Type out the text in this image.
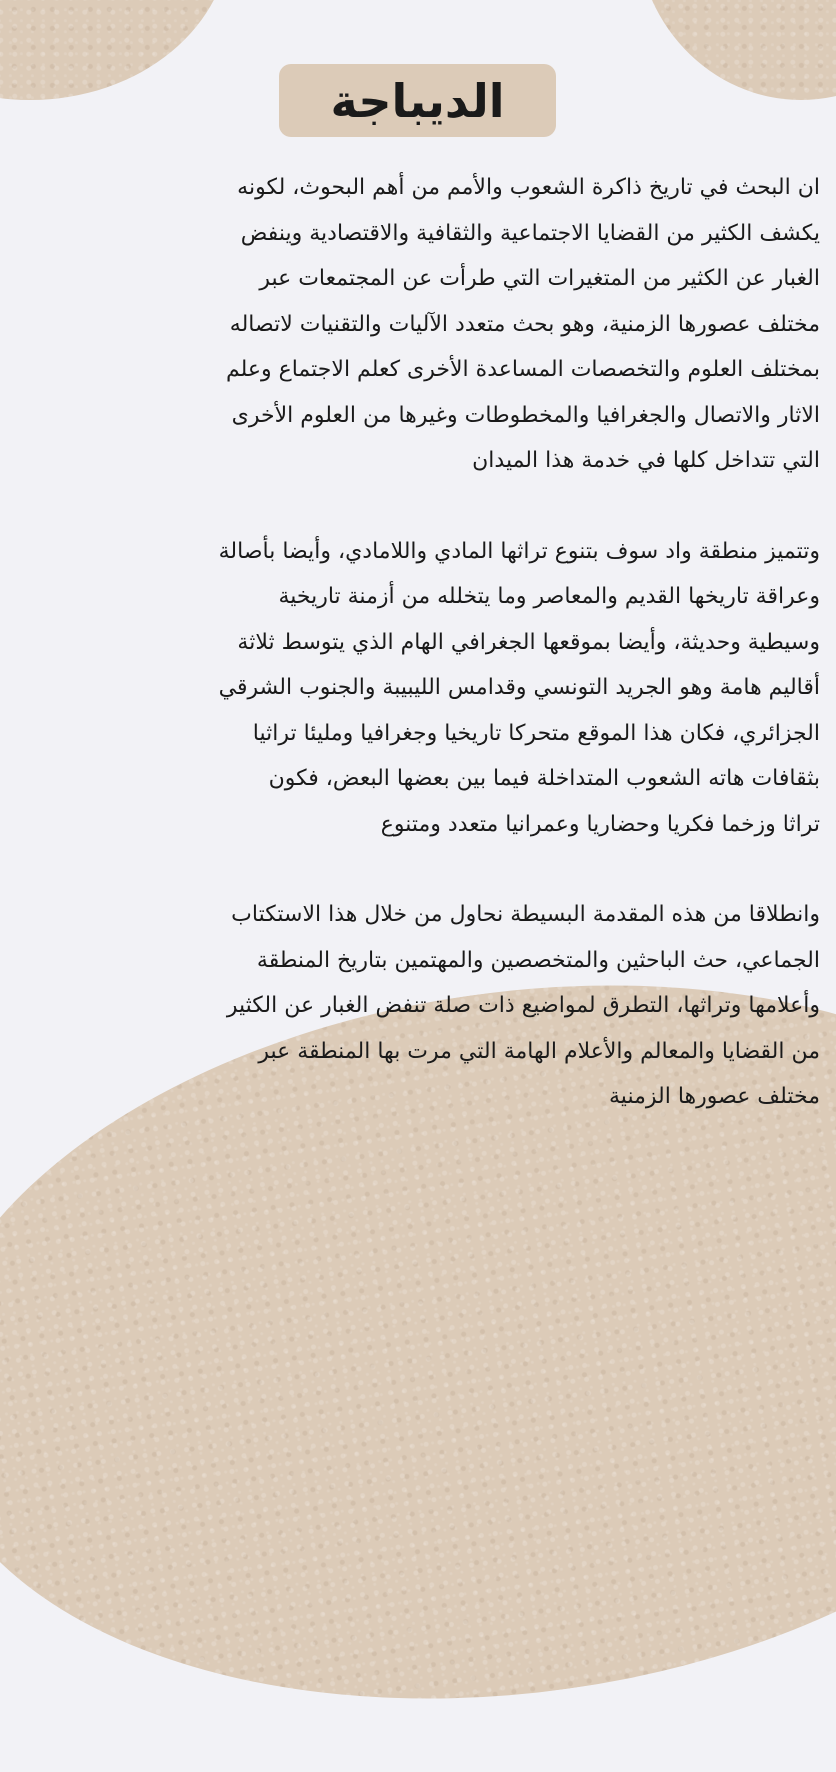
الديباجة
ان البحث في تاريخ ذاكرة الشعوب والأمم من أهم البحوث، لكونه
يكشف الكثير من القضايا الاجتماعية والثقافية والاقتصادية وينفض
الغبار عن الكثير من المتغيرات التي طرأت عن المجتمعات عبر
مختلف عصورها الزمنية، وهو بحث متعدد الآليات والتقنيات لاتصاله
بمختلف العلوم والتخصصات المساعدة الأخرى كعلم الاجتماع وعلم
الاثار والاتصال والجغرافيا والمخطوطات وغيرها من العلوم الأخرى
التي تتداخل كلها في خدمة هذا الميدان
وتتميز منطقة واد سوف بتنوع تراثها المادي واللامادي، وأيضا بأصالة
وعراقة تاريخها القديم والمعاصر وما يتخلله من أزمنة تاريخية
وسيطية وحديثة، وأيضا بموقعها الجغرافي الهام الذي يتوسط ثلاثة
أقاليم هامة وهو الجريد التونسي وقدامس الليبيبة والجنوب الشرقي
الجزائري، فكان هذا الموقع متحركا تاريخيا وجغرافيا ومليئا تراثيا
بثقافات هاته الشعوب المتداخلة فيما بين بعضها البعض، فكون
تراثا وزخما فكريا وحضاريا وعمرانيا متعدد ومتنوع
وانطلاقا من هذه المقدمة البسيطة نحاول من خلال هذا الاستكتاب
الجماعي، حث الباحثين والمتخصصين والمهتمين بتاريخ المنطقة
وأعلامها وتراثها، التطرق لمواضيع ذات صلة تنفض الغبار عن الكثير
من القضايا والمعالم والأعلام الهامة التي مرت بها المنطقة عبر
مختلف عصورها الزمنية
